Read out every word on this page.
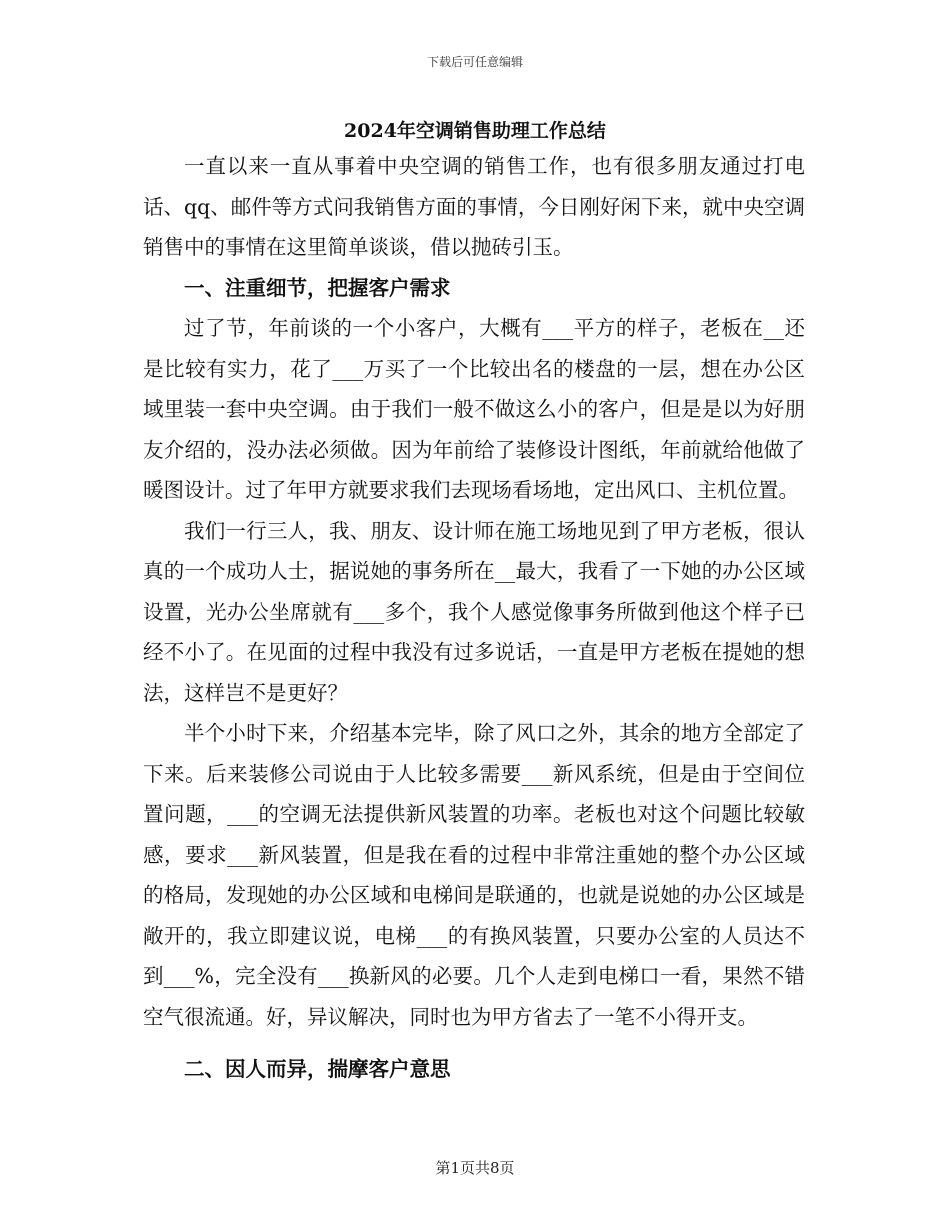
下载后可任意编辑
2024年空调销售助理工作总结

一直以来一直从事着中央空调的销售工作，也有很多朋友通过打电话、qq、邮件等方式问我销售方面的事情，今日刚好闲下来，就中央空调销售中的事情在这里简单谈谈，借以抛砖引玉。

一、注重细节，把握客户需求

过了节，年前谈的一个小客户，大概有___平方的样子，老板在__还是比较有实力，花了___万买了一个比较出名的楼盘的一层，想在办公区域里装一套中央空调。由于我们一般不做这么小的客户，但是是以为好朋友介绍的，没办法必须做。因为年前给了装修设计图纸，年前就给他做了暖图设计。过了年甲方就要求我们去现场看场地，定出风口、主机位置。

我们一行三人，我、朋友、设计师在施工场地见到了甲方老板，很认真的一个成功人士，据说她的事务所在__最大，我看了一下她的办公区域设置，光办公坐席就有___多个，我个人感觉像事务所做到他这个样子已经不小了。在见面的过程中我没有过多说话，一直是甲方老板在提她的想法，这样岂不是更好？

半个小时下来，介绍基本完毕，除了风口之外，其余的地方全部定了下来。后来装修公司说由于人比较多需要___新风系统，但是由于空间位置问题，___的空调无法提供新风装置的功率。老板也对这个问题比较敏感，要求___新风装置，但是我在看的过程中非常注重她的整个办公区域的格局，发现她的办公区域和电梯间是联通的，也就是说她的办公区域是敞开的，我立即建议说，电梯___的有换风装置，只要办公室的人员达不到___%，完全没有___换新风的必要。几个人走到电梯口一看，果然不错空气很流通。好，异议解决，同时也为甲方省去了一笔不小得开支。

二、因人而异，揣摩客户意思

第1页共8页
